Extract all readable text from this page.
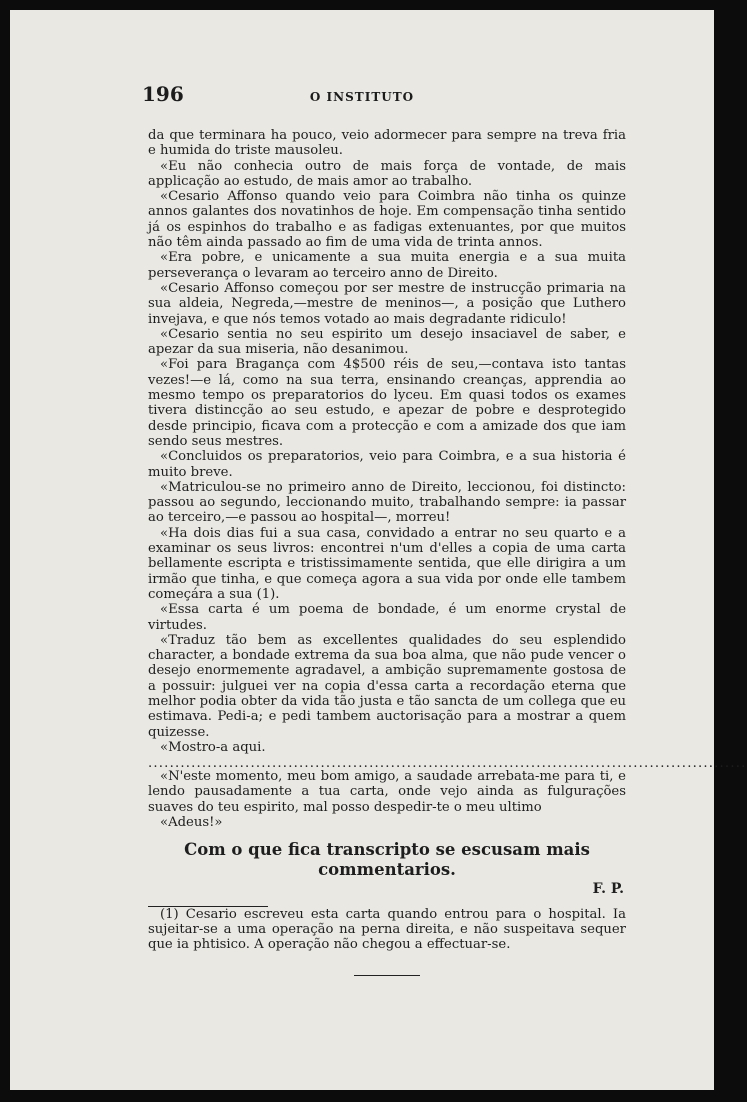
196	O INSTITUTO

da que terminara ha pouco, veio adormecer para sempre na treva fria e humida do triste mausoleu.

«Eu não conhecia outro de mais força de vontade, de mais applicação ao estudo, de mais amor ao trabalho.

«Cesario Affonso quando veio para Coimbra não tinha os quinze annos galantes dos novatinhos de hoje. Em compensação tinha sentido já os espinhos do trabalho e as fadigas extenuantes, por que muitos não têm ainda passado ao fim de uma vida de trinta annos.

«Era pobre, e unicamente a sua muita energia e a sua muita perseverança o levaram ao terceiro anno de Direito.

«Cesario Affonso começou por ser mestre de instrucção primaria na sua aldeia, Negreda,—mestre de meninos—, a posição que Luthero invejava, e que nós temos votado ao mais degradante ridiculo!

«Cesario sentia no seu espirito um desejo insaciavel de saber, e apezar da sua miseria, não desanimou.

«Foi para Bragança com 4$500 réis de seu,—contava isto tantas vezes!—e lá, como na sua terra, ensinando creanças, apprendia ao mesmo tempo os preparatorios do lyceu. Em quasi todos os exames tivera distincção ao seu estudo, e apezar de pobre e desprotegido desde principio, ficava com a protecção e com a amizade dos que iam sendo seus mestres.

«Concluidos os preparatorios, veio para Coimbra, e a sua historia é muito breve.

«Matriculou-se no primeiro anno de Direito, leccionou, foi distincto: passou ao segundo, leccionando muito, trabalhando sempre: ia passar ao terceiro,—e passou ao hospital—, morreu!

«Ha dois dias fui a sua casa, convidado a entrar no seu quarto e a examinar os seus livros: encontrei n'um d'elles a copia de uma carta bellamente escripta e tristissimamente sentida, que elle dirigira a um irmão que tinha, e que começa agora a sua vida por onde elle tambem começára a sua (1).

«Essa carta é um poema de bondade, é um enorme crystal de virtudes.

«Traduz tão bem as excellentes qualidades do seu esplendido character, a bondade extrema da sua boa alma, que não pude vencer o desejo enormemente agradavel, a ambição supremamente gostosa de a possuir: julguei ver na copia d'essa carta a recordação eterna que melhor podia obter da vida tão justa e tão sancta de um collega que eu estimava. Pedi-a; e pedi tambem auctorisação para a mostrar a quem quizesse.

«Mostro-a aqui.

...............................................................................................................

«N'este momento, meu bom amigo, a saudade arrebata-me para ti, e lendo pausadamente a tua carta, onde vejo ainda as fulgurações suaves do teu espirito, mal posso despedir-te o meu ultimo

«Adeus!»

Com o que fica transcripto se escusam mais commentarios.
F. P.

(1) Cesario escreveu esta carta quando entrou para o hospital. Ia sujeitar-se a uma operação na perna direita, e não suspeitava sequer que ia phtisico. A operação não chegou a effectuar-se.
